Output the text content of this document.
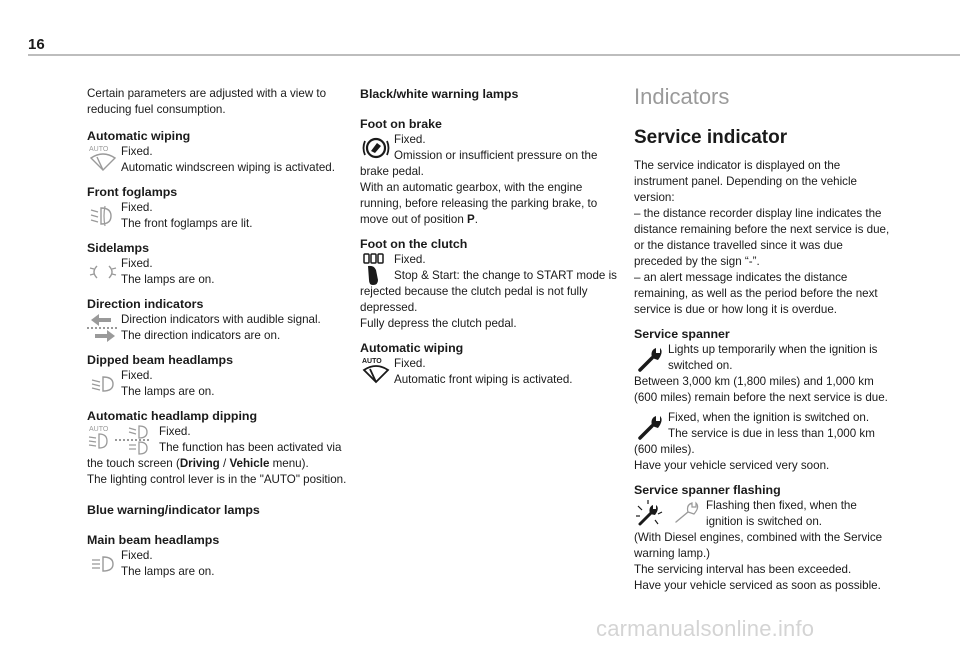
16

Certain parameters are adjusted with a view to reducing fuel consumption.

Automatic wiping

AUTO	Fixed.

Automatic windscreen wiping is activated.

Front foglamps

Fixed.

The front foglamps are lit.

Sidelamps

Fixed.

The lamps are on.

Direction indicators

Direction indicators with audible signal.

The direction indicators are on.

Dipped beam headlamps

Fixed.

The lamps are on.

Automatic headlamp dipping

AUTO	Fixed.

The function has been activated via the touch screen (Driving / Vehicle menu).

The lighting control lever is in the "AUTO" position.

Blue warning/indicator lamps

Main beam headlamps

Fixed.

The lamps are on.

Black/white warning lamps

Foot on brake

Fixed.

Omission or insufficient pressure on the brake pedal.

With an automatic gearbox, with the engine running, before releasing the parking brake, to move out of position P.

Foot on the clutch

Fixed.

Stop & Start: the change to START mode is rejected because the clutch pedal is not fully depressed.

Fully depress the clutch pedal.

Automatic wiping

AUTO	Fixed.

Automatic front wiping is activated.

Indicators
Service indicator

The service indicator is displayed on the instrument panel. Depending on the vehicle version:

– the distance recorder display line indicates the distance remaining before the next service is due, or the distance travelled since it was due preceded by the sign “-”.

– an alert message indicates the distance remaining, as well as the period before the next service is due or how long it is overdue.

Service spanner

Lights up temporarily when the ignition is switched on.

Between 3,000 km (1,800 miles) and 1,000 km (600 miles) remain before the next service is due.

Fixed, when the ignition is switched on. The service is due in less than 1,000 km (600 miles).

Have your vehicle serviced very soon.

Service spanner flashing

Flashing then fixed, when the ignition is switched on.

(With Diesel engines, combined with the Service warning lamp.)

The servicing interval has been exceeded.

Have your vehicle serviced as soon as possible.

carmanualsonline.info
